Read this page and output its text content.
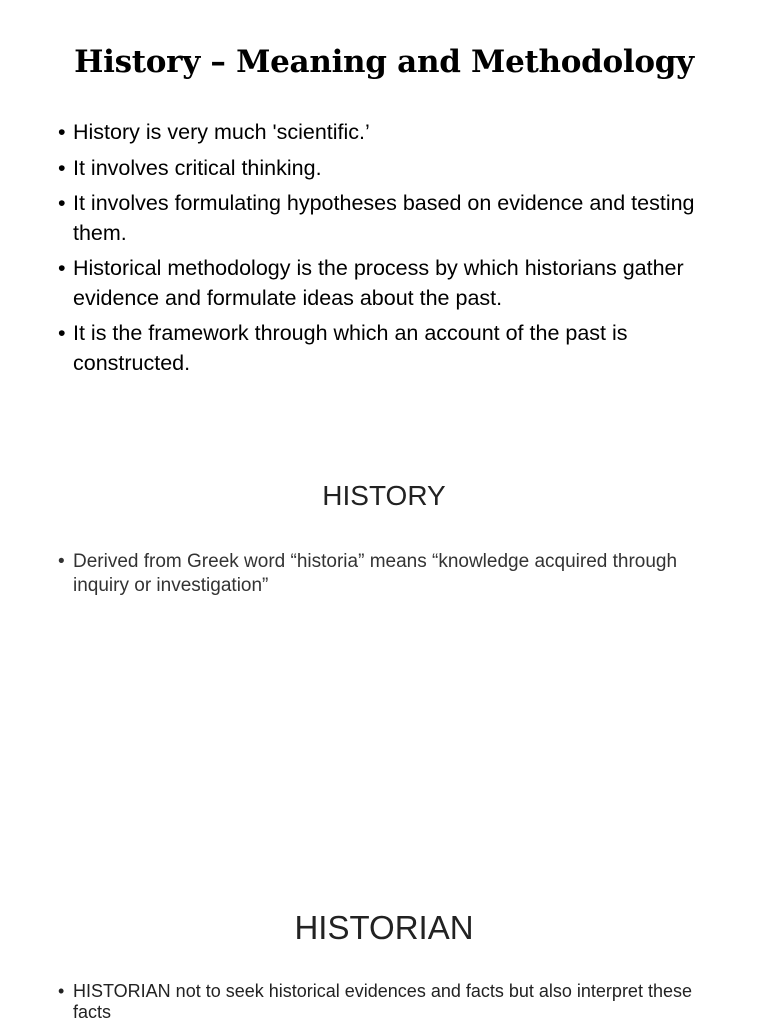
History – Meaning and Methodology
• History is very much 'scientific.’
• It involves critical thinking.
• It involves formulating hypotheses based on evidence and testing them.
• Historical methodology is the process by which historians gather evidence and formulate ideas about the past.
• It is the framework through which an account of the past is constructed.
HISTORY
• Derived from Greek word “historia” means “knowledge acquired through inquiry or investigation”
HISTORIAN
• HISTORIAN not to seek historical evidences and facts but also interpret these facts
